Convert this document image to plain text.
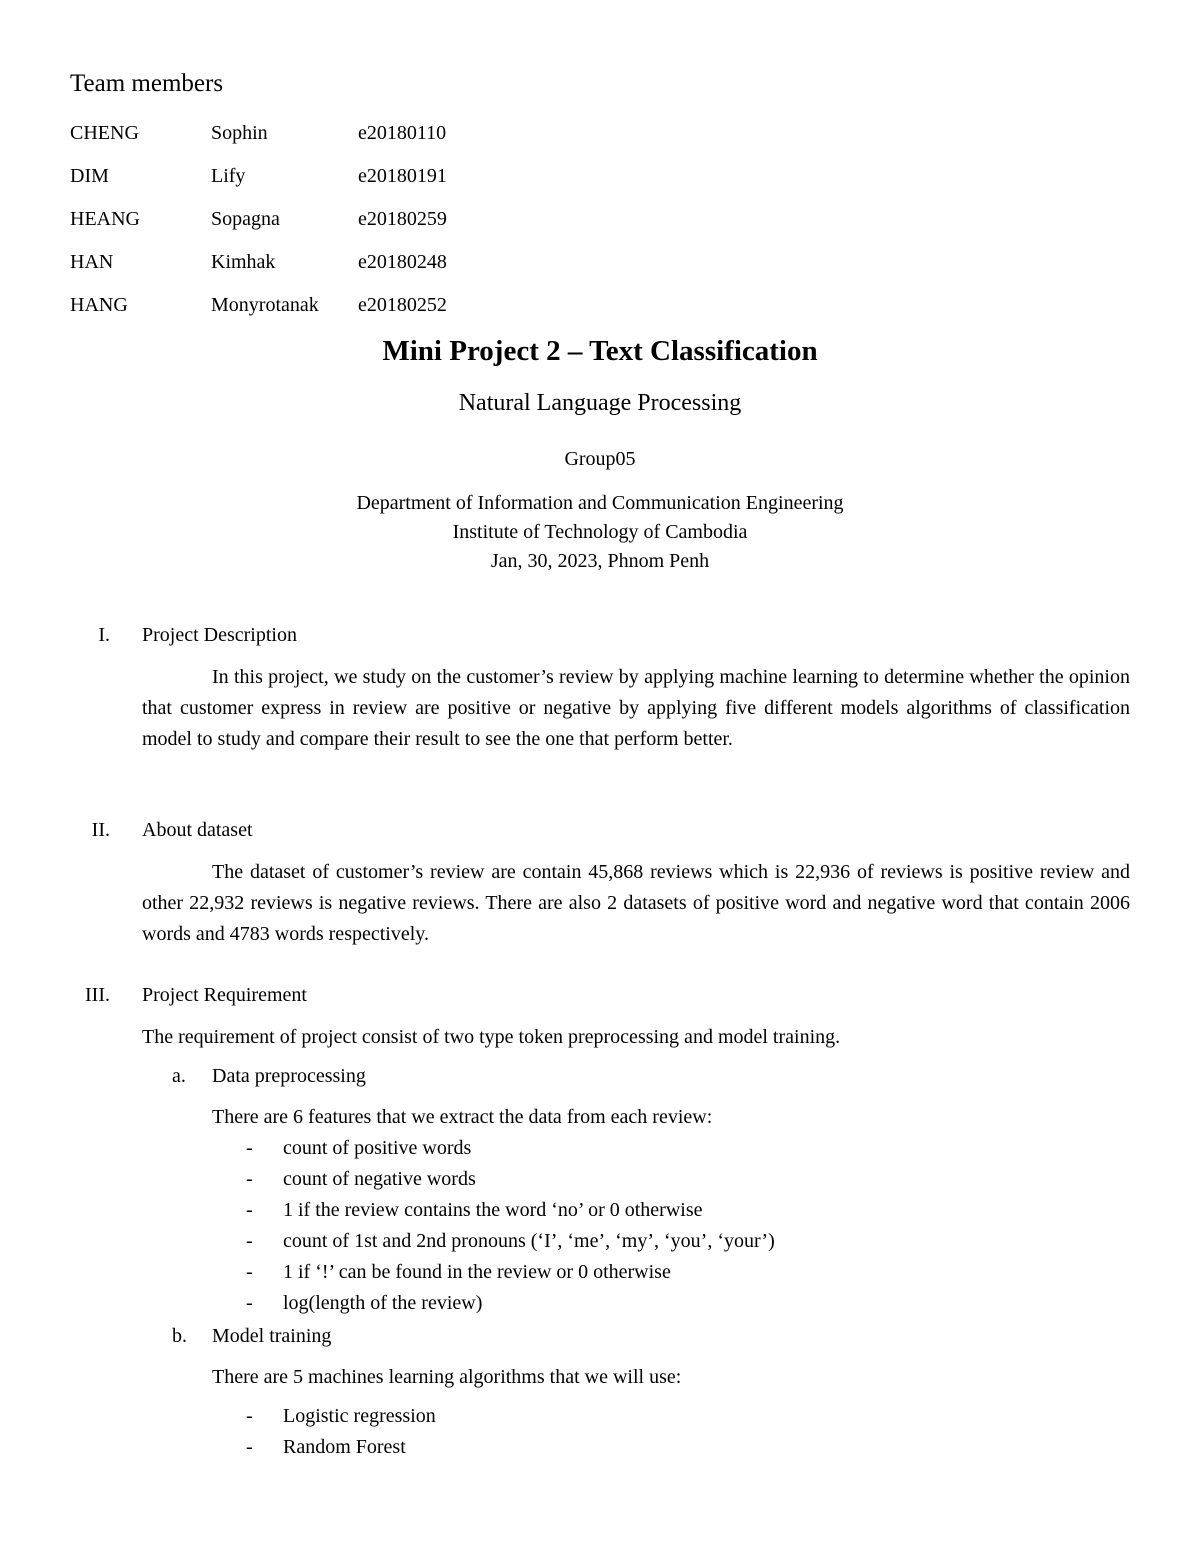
Team members
CHENG	Sophin	e20180110
DIM	Lify	e20180191
HEANG	Sopagna	e20180259
HAN	Kimhak	e20180248
HANG	Monyrotanak e20180252
Mini Project 2 – Text Classification
Natural Language Processing
Group05
Department of Information and Communication Engineering
Institute of Technology of Cambodia
Jan, 30, 2023, Phnom Penh
I. Project Description

In this project, we study on the customer’s review by applying machine learning to determine whether the opinion that customer express in review are positive or negative by applying five different models algorithms of classification model to study and compare their result to see the one that perform better.

II. About dataset

The dataset of customer’s review are contain 45,868 reviews which is 22,936 of reviews is positive review and other 22,932 reviews is negative reviews. There are also 2 datasets of positive word and negative word that contain 2006 words and 4783 words respectively.

III. Project Requirement

The requirement of project consist of two type token preprocessing and model training.

a. Data preprocessing
There are 6 features that we extract the data from each review:
- count of positive words
- count of negative words
- 1 if the review contains the word ‘no’ or 0 otherwise
- count of 1st and 2nd pronouns (‘I’, ‘me’, ‘my’, ‘you’, ‘your’)
- 1 if ‘!’ can be found in the review or 0 otherwise
- log(length of the review)
b. Model training
There are 5 machines learning algorithms that we will use:
- Logistic regression
- Random Forest
